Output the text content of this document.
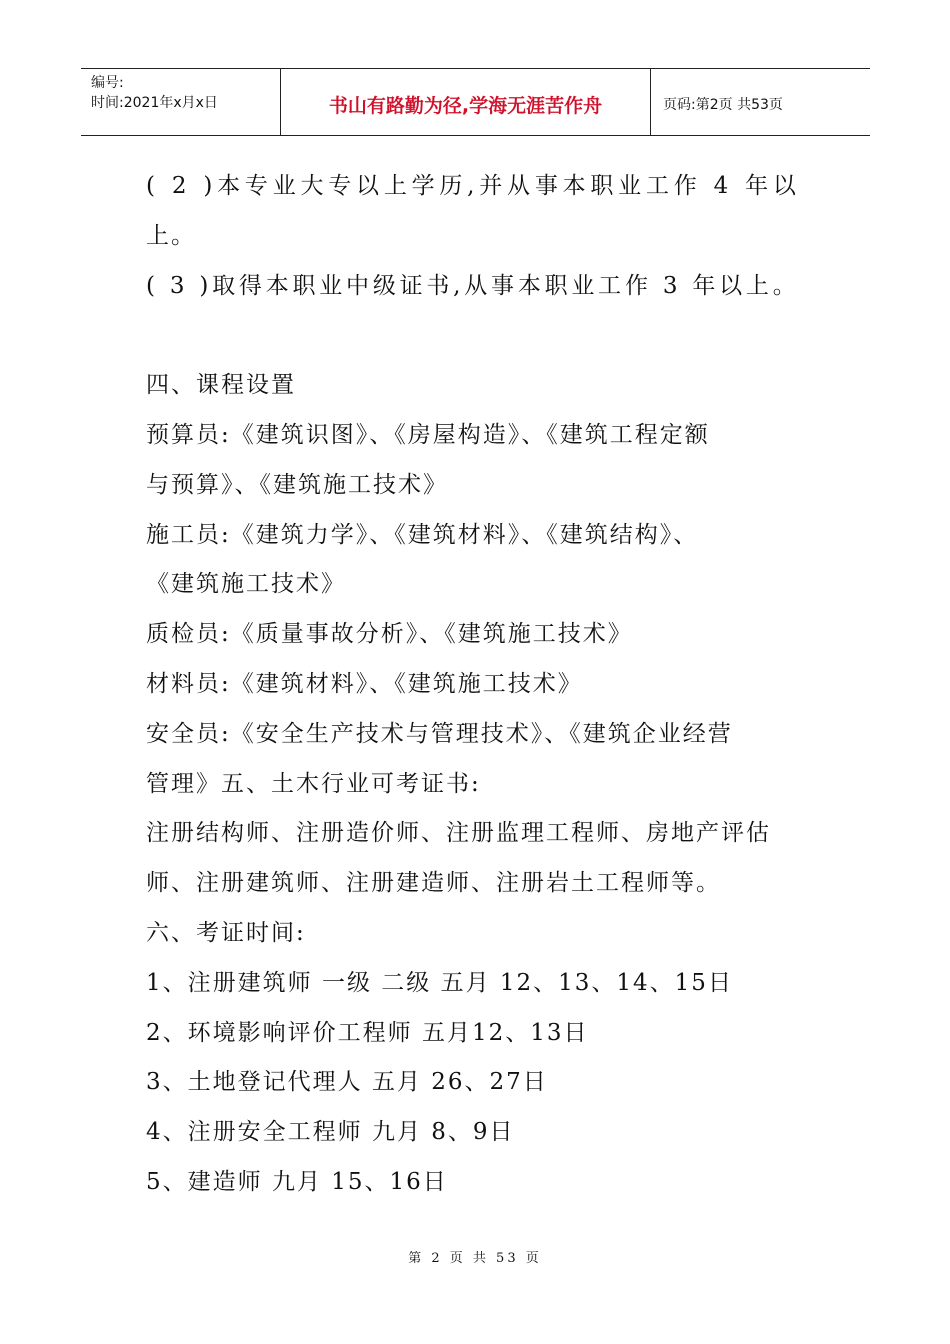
编号:
时间:2021年x月x日	书山有路勤为径,学海无涯苦作舟	页码:第2页 共53页
(
2
) 本 专 业 大 专 以 上 学 历 , 并 从 事 本 职 业 工 作
4
年 以
上。
(
3
) 取 得 本 职 业 中 级 证 书 , 从 事 本 职 业 工 作
3
年 以 上 。
四、课程设置
预算员:《建筑识图》、《房屋构造》、《建筑工程定额
与预算》、《建筑施工技术》
施工员:《建筑力学》、《建筑材料》、《建筑结构》、
《建筑施工技术》
质检员:《质量事故分析》、《建筑施工技术》
材料员:《建筑材料》、《建筑施工技术》
安全员:《安全生产技术与管理技术》、《建筑企业经营
管理》五、土木行业可考证书:
注册结构师、注册造价师、注册监理工程师、房地产评估
师、注册建筑师、注册建造师、注册岩土工程师等。
六、考证时间:
1、注册建筑师 一级 二级 五月 12、13、14、15日
2、环境影响评价工程师 五月12、13日
3、土地登记代理人 五月 26、27日
4、注册安全工程师 九月 8、9日
5、建造师 九月 15、16日
第 2 页 共 53 页
